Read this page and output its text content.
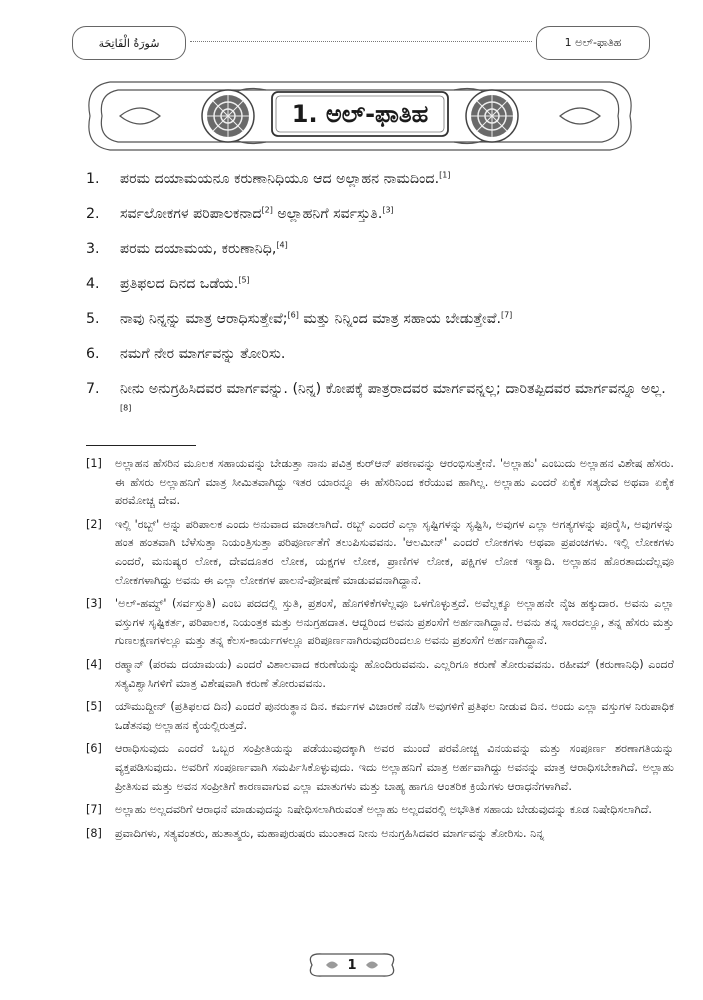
سُورَةُ الْفَاتِحَة	1 ಅಲ್-ಫಾತಿಹ
1. ಅಲ್-ಫಾತಿಹ
1.	ಪರಮ ದಯಾಮಯನೂ ಕರುಣಾನಿಧಿಯೂ ಆದ ಅಲ್ಲಾಹನ ನಾಮದಿಂದ.[1]
2.	ಸರ್ವಲೋಕಗಳ ಪರಿಪಾಲಕನಾದ[2] ಅಲ್ಲಾಹನಿಗೆ ಸರ್ವಸ್ತುತಿ.[3]
3.	ಪರಮ ದಯಾಮಯ, ಕರುಣಾನಿಧಿ,[4]
4.	ಪ್ರತಿಫಲದ ದಿನದ ಒಡೆಯ.[5]
5.	ನಾವು ನಿನ್ನನ್ನು ಮಾತ್ರ ಆರಾಧಿಸುತ್ತೇವೆ;[6] ಮತ್ತು ನಿನ್ನಿಂದ ಮಾತ್ರ ಸಹಾಯ ಬೇಡುತ್ತೇವೆ.[7]
6.	ನಮಗೆ ನೇರ ಮಾರ್ಗವನ್ನು ತೋರಿಸು.
7.	ನೀನು ಅನುಗ್ರಹಿಸಿದವರ ಮಾರ್ಗವನ್ನು. (ನಿನ್ನ) ಕೋಪಕ್ಕೆ ಪಾತ್ರರಾದವರ ಮಾರ್ಗವನ್ನಲ್ಲ; ದಾರಿತಪ್ಪಿದವರ ಮಾರ್ಗವನ್ನೂ ಅಲ್ಲ.[8]
[1]	ಅಲ್ಲಾಹನ ಹೆಸರಿನ ಮೂಲಕ ಸಹಾಯವನ್ನು ಬೇಡುತ್ತಾ ನಾನು ಪವಿತ್ರ ಕುರ್‌ಆನ್ ಪಠಣವನ್ನು ಆರಂಭಿಸುತ್ತೇನೆ. 'ಅಲ್ಲಾಹು' ಎಂಬುದು ಅಲ್ಲಾಹನ ವಿಶೇಷ ಹೆಸರು. ಈ ಹೆಸರು ಅಲ್ಲಾಹನಿಗೆ ಮಾತ್ರ ಸೀಮಿತವಾಗಿದ್ದು ಇತರ ಯಾರನ್ನೂ ಈ ಹೆಸರಿನಿಂದ ಕರೆಯುವ ಹಾಗಿಲ್ಲ. ಅಲ್ಲಾಹು ಎಂದರೆ ಏಕೈಕ ಸತ್ಯದೇವ ಅಥವಾ ಏಕೈಕ ಪರಮೋಚ್ಚ ದೇವ.
[2]	ಇಲ್ಲಿ 'ರಬ್ಬ್' ಅನ್ನು ಪರಿಪಾಲಕ ಎಂದು ಅನುವಾದ ಮಾಡಲಾಗಿದೆ. ರಬ್ಬ್ ಎಂದರೆ ಎಲ್ಲಾ ಸೃಷ್ಟಿಗಳನ್ನು ಸೃಷ್ಟಿಸಿ, ಅವುಗಳ ಎಲ್ಲಾ ಅಗತ್ಯಗಳನ್ನು ಪೂರೈಸಿ, ಅವುಗಳನ್ನು ಹಂತ ಹಂತವಾಗಿ ಬೆಳೆಸುತ್ತಾ ನಿಯಂತ್ರಿಸುತ್ತಾ ಪರಿಪೂರ್ಣತೆಗೆ ತಲುಪಿಸುವವನು. 'ಆಲಮೀನ್' ಎಂದರೆ ಲೋಕಗಳು ಅಥವಾ ಪ್ರಪಂಚಗಳು. ಇಲ್ಲಿ ಲೋಕಗಳು ಎಂದರೆ, ಮನುಷ್ಯರ ಲೋಕ, ದೇವದೂತರ ಲೋಕ, ಯಕ್ಷಗಳ ಲೋಕ, ಪ್ರಾಣಿಗಳ ಲೋಕ, ಪಕ್ಷಿಗಳ ಲೋಕ ಇತ್ಯಾದಿ. ಅಲ್ಲಾಹನ ಹೊರತಾದುದೆಲ್ಲವೂ ಲೋಕಗಳಾಗಿದ್ದು ಅವನು ಈ ಎಲ್ಲಾ ಲೋಕಗಳ ಪಾಲನೆ-ಪೋಷಣೆ ಮಾಡುವವನಾಗಿದ್ದಾನೆ.
[3]	'ಅಲ್-ಹಮ್ದ್' (ಸರ್ವಸ್ತುತಿ) ಎಂಬ ಪದದಲ್ಲಿ ಸ್ತುತಿ, ಪ್ರಶಂಸೆ, ಹೊಗಳಿಕೆಗಳೆಲ್ಲವೂ ಒಳಗೊಳ್ಳುತ್ತದೆ. ಅವೆಲ್ಲಕ್ಕೂ ಅಲ್ಲಾಹನೇ ನೈಜ ಹಕ್ಕುದಾರ. ಅವನು ಎಲ್ಲಾ ವಸ್ತುಗಳ ಸೃಷ್ಟಿಕರ್ತ, ಪರಿಪಾಲಕ, ನಿಯಂತ್ರಕ ಮತ್ತು ಅನುಗ್ರಹದಾತ. ಆದ್ದರಿಂದ ಅವನು ಪ್ರಶಂಸೆಗೆ ಅರ್ಹನಾಗಿದ್ದಾನೆ. ಅವನು ತನ್ನ ಸಾರದಲ್ಲೂ, ತನ್ನ ಹೆಸರು ಮತ್ತು ಗುಣಲಕ್ಷಣಗಳಲ್ಲೂ ಮತ್ತು ತನ್ನ ಕೆಲಸ-ಕಾರ್ಯಗಳಲ್ಲೂ ಪರಿಪೂರ್ಣನಾಗಿರುವುದರಿಂದಲೂ ಅವನು ಪ್ರಶಂಸೆಗೆ ಅರ್ಹನಾಗಿದ್ದಾನೆ.
[4]	ರಹ್ಮಾನ್ (ಪರಮ ದಯಾಮಯ) ಎಂದರೆ ವಿಶಾಲವಾದ ಕರುಣೆಯನ್ನು ಹೊಂದಿರುವವನು. ಎಲ್ಲರಿಗೂ ಕರುಣೆ ತೋರುವವನು. ರಹೀಮ್ (ಕರುಣಾನಿಧಿ) ಎಂದರೆ ಸತ್ಯವಿಶ್ವಾಸಿಗಳಿಗೆ ಮಾತ್ರ ವಿಶೇಷವಾಗಿ ಕರುಣೆ ತೋರುವವನು.
[5]	ಯೌಮುದ್ದೀನ್ (ಪ್ರತಿಫಲದ ದಿನ) ಎಂದರೆ ಪುನರುತ್ಥಾನ ದಿನ. ಕರ್ಮಗಳ ವಿಚಾರಣೆ ನಡೆಸಿ ಅವುಗಳಿಗೆ ಪ್ರತಿಫಲ ನೀಡುವ ದಿನ. ಅಂದು ಎಲ್ಲಾ ವಸ್ತುಗಳ ನಿರುಪಾಧಿಕ ಒಡೆತನವು ಅಲ್ಲಾಹನ ಕೈಯಲ್ಲಿರುತ್ತದೆ.
[6]	ಆರಾಧಿಸುವುದು ಎಂದರೆ ಒಬ್ಬರ ಸಂಪ್ರೀತಿಯನ್ನು ಪಡೆಯುವುದಕ್ಕಾಗಿ ಅವರ ಮುಂದೆ ಪರಮೋಚ್ಚ ವಿನಯವನ್ನು ಮತ್ತು ಸಂಪೂರ್ಣ ಶರಣಾಗತಿಯನ್ನು ವ್ಯಕ್ತಪಡಿಸುವುದು. ಅವರಿಗೆ ಸಂಪೂರ್ಣವಾಗಿ ಸಮರ್ಪಿಸಿಕೊಳ್ಳುವುದು. ಇದು ಅಲ್ಲಾಹನಿಗೆ ಮಾತ್ರ ಅರ್ಹವಾಗಿದ್ದು ಅವನನ್ನು ಮಾತ್ರ ಆರಾಧಿಸಬೇಕಾಗಿದೆ. ಅಲ್ಲಾಹು ಪ್ರೀತಿಸುವ ಮತ್ತು ಅವನ ಸಂಪ್ರೀತಿಗೆ ಕಾರಣವಾಗುವ ಎಲ್ಲಾ ಮಾತುಗಳು ಮತ್ತು ಬಾಹ್ಯ ಹಾಗೂ ಆಂತರಿಕ ಕ್ರಿಯೆಗಳು ಆರಾಧನೆಗಳಾಗಿವೆ.
[7]	ಅಲ್ಲಾಹು ಅಲ್ಲದವರಿಗೆ ಆರಾಧನೆ ಮಾಡುವುದನ್ನು ನಿಷೇಧಿಸಲಾಗಿರುವಂತೆ ಅಲ್ಲಾಹು ಅಲ್ಲದವರಲ್ಲಿ ಅಭೌತಿಕ ಸಹಾಯ ಬೇಡುವುದನ್ನು ಕೂಡ ನಿಷೇಧಿಸಲಾಗಿದೆ.
[8]	ಪ್ರವಾದಿಗಳು, ಸತ್ಯವಂತರು, ಹುತಾತ್ಮರು, ಮಹಾಪುರುಷರು ಮುಂತಾದ ನೀನು ಅನುಗ್ರಹಿಸಿದವರ ಮಾರ್ಗವನ್ನು ತೋರಿಸು. ನಿನ್ನ
1
